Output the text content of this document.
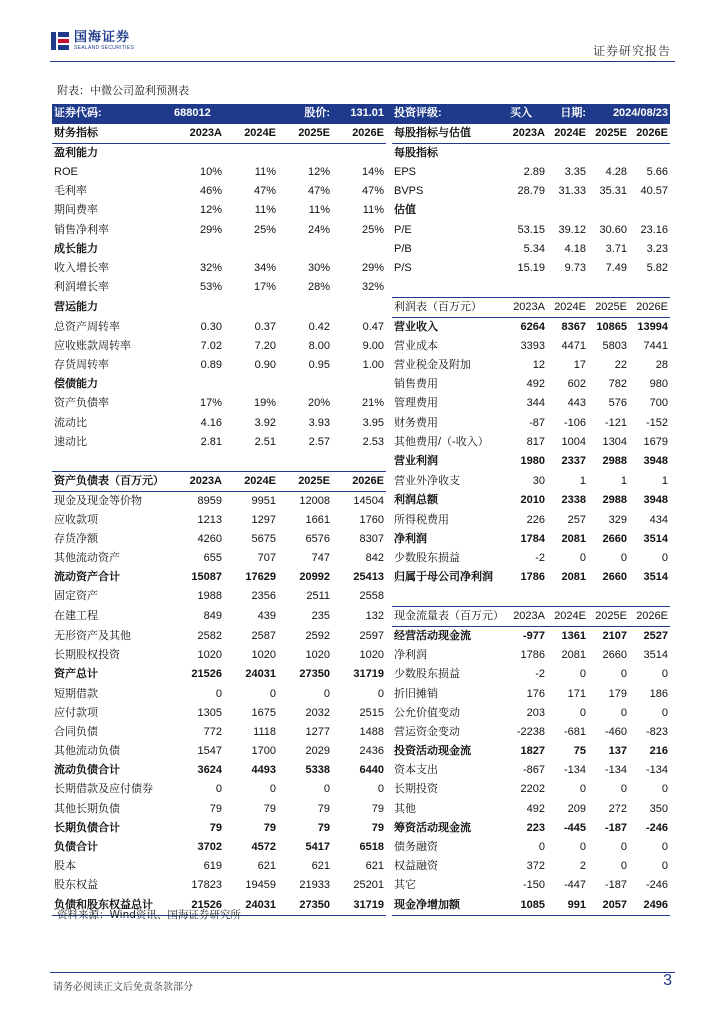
国海证券
SEALAND SECURITIES	证券研究报告
附表：中微公司盈利预测表
证券代码:	688012		股价:	131.01		投资评级:	买入	日期:	2024/08/23	
财务指标	2023A	2024E	2025E	2026E		每股指标与估值	2023A	2024E	2025E	2026E
盈利能力						每股指标				
ROE	10%	11%	12%	14%		EPS	2.89	3.35	4.28	5.66
毛利率	46%	47%	47%	47%		BVPS	28.79	31.33	35.31	40.57
期间费率	12%	11%	11%	11%		估值				
销售净利率	29%	25%	24%	25%		P/E	53.15	39.12	30.60	23.16
成长能力						P/B	5.34	4.18	3.71	3.23
收入增长率	32%	34%	30%	29%		P/S	15.19	9.73	7.49	5.82
利润增长率	53%	17%	28%	32%						
营运能力						利润表（百万元）	2023A	2024E	2025E	2026E
总资产周转率	0.30	0.37	0.42	0.47		营业收入	6264	8367	10865	13994
应收账款周转率	7.02	7.20	8.00	9.00		营业成本	3393	4471	5803	7441
存货周转率	0.89	0.90	0.95	1.00		营业税金及附加	12	17	22	28
偿债能力						销售费用	492	602	782	980
资产负债率	17%	19%	20%	21%		管理费用	344	443	576	700
流动比	4.16	3.92	3.93	3.95		财务费用	-87	-106	-121	-152
速动比	2.81	2.51	2.57	2.53		其他费用/（-收入）	817	1004	1304	1679
						营业利润	1980	2337	2988	3948
资产负债表（百万元）	2023A	2024E	2025E	2026E		营业外净收支	30	1	1	1
现金及现金等价物	8959	9951	12008	14504		利润总额	2010	2338	2988	3948
应收款项	1213	1297	1661	1760		所得税费用	226	257	329	434
存货净额	4260	5675	6576	8307		净利润	1784	2081	2660	3514
其他流动资产	655	707	747	842		少数股东损益	-2	0	0	0
流动资产合计	15087	17629	20992	25413		归属于母公司净利润	1786	2081	2660	3514
固定资产	1988	2356	2511	2558						
在建工程	849	439	235	132		现金流量表（百万元）	2023A	2024E	2025E	2026E
无形资产及其他	2582	2587	2592	2597		经营活动现金流	-977	1361	2107	2527
长期股权投资	1020	1020	1020	1020		净利润	1786	2081	2660	3514
资产总计	21526	24031	27350	31719		少数股东损益	-2	0	0	0
短期借款	0	0	0	0		折旧摊销	176	171	179	186
应付款项	1305	1675	2032	2515		公允价值变动	203	0	0	0
合同负债	772	1118	1277	1488		营运资金变动	-2238	-681	-460	-823
其他流动负债	1547	1700	2029	2436		投资活动现金流	1827	75	137	216
流动负债合计	3624	4493	5338	6440		资本支出	-867	-134	-134	-134
长期借款及应付债券	0	0	0	0		长期投资	2202	0	0	0
其他长期负债	79	79	79	79		其他	492	209	272	350
长期负债合计	79	79	79	79		筹资活动现金流	223	-445	-187	-246
负债合计	3702	4572	5417	6518		债务融资	0	0	0	0
股本	619	621	621	621		权益融资	372	2	0	0
股东权益	17823	19459	21933	25201		其它	-150	-447	-187	-246
负债和股东权益总计	21526	24031	27350	31719		现金净增加额	1085	991	2057	2496
资料来源：Wind资讯、国海证券研究所
请务必阅读正文后免责条款部分	3
